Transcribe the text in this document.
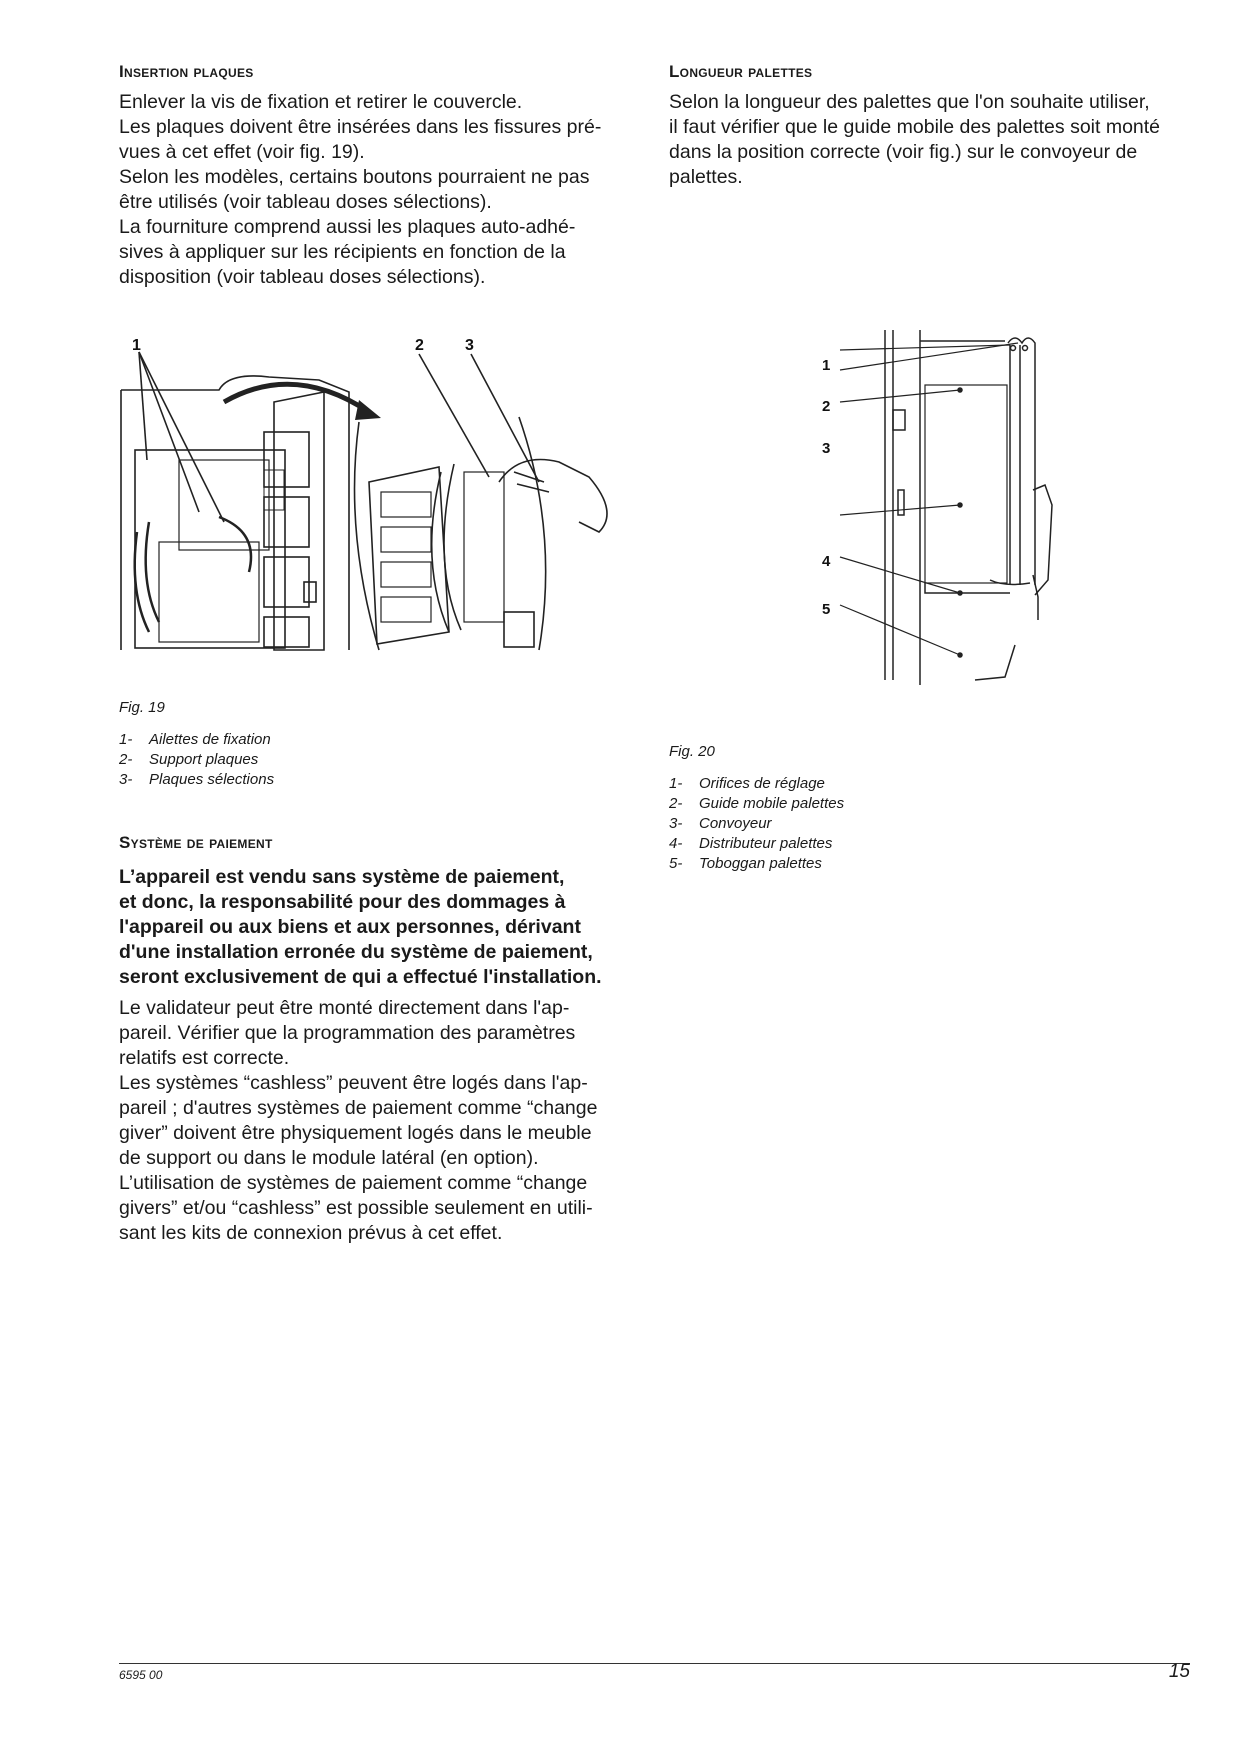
Insertion plaques

Enlever la vis de fixation et retirer le couvercle.

Les plaques doivent être insérées dans les fissures pré-

vues à cet effet (voir fig. 19).

Selon les modèles, certains boutons pourraient ne pas

être utilisés (voir tableau doses sélections).

La fourniture comprend aussi les plaques auto-adhé-

sives à appliquer sur les récipients en fonction de la

disposition (voir tableau doses sélections).

1	2	3

Fig. 19

1-	Ailettes de fixation
2-	Support plaques
3-	Plaques sélections
Système de paiement

L’appareil est vendu sans système de paiement,

et donc, la responsabilité pour des dommages à

l'appareil ou aux biens et aux personnes, dérivant

d'une installation erronée du système de paiement,

seront exclusivement de qui a effectué l'installation.

Le validateur peut être monté directement dans l'ap-

pareil. Vérifier que la programmation des paramètres

relatifs est correcte.

Les systèmes “cashless” peuvent être logés dans l'ap-

pareil ; d'autres systèmes de paiement comme “change

giver” doivent être physiquement logés dans le meuble

de support ou dans le module latéral (en option).

L’utilisation de systèmes de paiement comme “change

givers” et/ou “cashless” est possible seulement en utili-

sant les kits de connexion prévus à cet effet.

Longueur palettes

Selon la longueur des palettes que l'on souhaite utiliser,

il faut vérifier que le guide mobile des palettes soit monté

dans la position correcte (voir fig.) sur le convoyeur de

palettes.

1
2
3
4
5

Fig. 20

1-	Orifices de réglage
2-	Guide mobile palettes
3-	Convoyeur
4-	Distributeur palettes
5-	Toboggan palettes
6595 00	15
